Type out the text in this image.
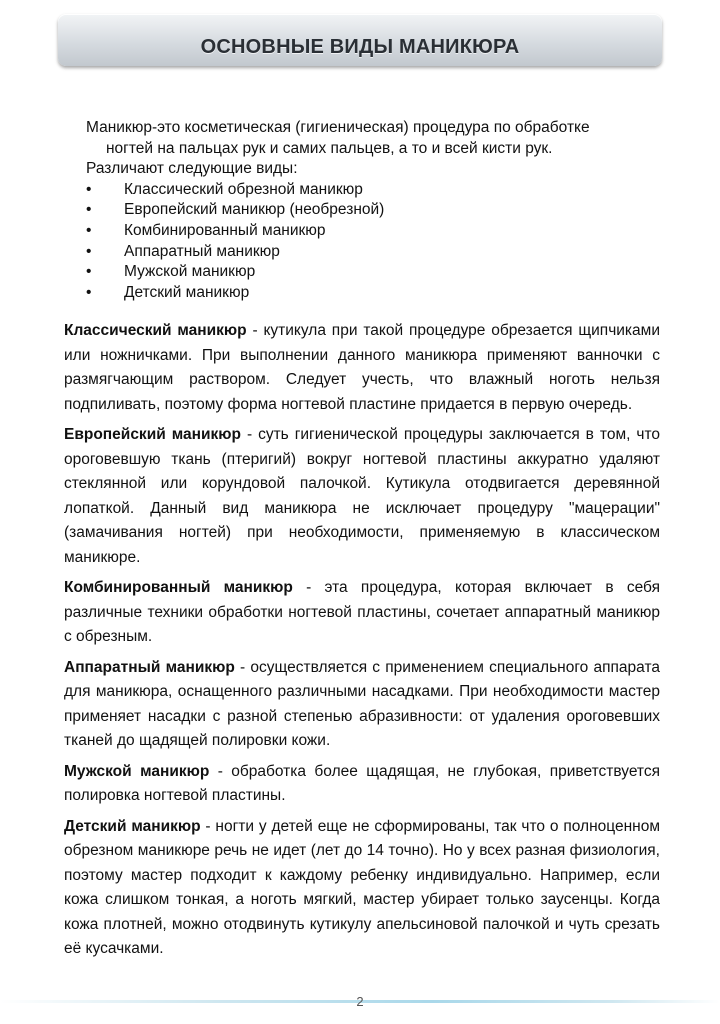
ОСНОВНЫЕ ВИДЫ МАНИКЮРА
Маникюр-это косметическая (гигиеническая) процедура по обработке
ногтей на пальцах рук и самих пальцев, а то и всей кисти рук.
Различают следующие виды:
• Классический обрезной маникюр
• Европейский маникюр (необрезной)
• Комбинированный маникюр
• Аппаратный маникюр
• Мужской маникюр
• Детский маникюр

Классический маникюр - кутикула при такой процедуре обрезается щипчиками или ножничками. При выполнении данного маникюра применяют ванночки с размягчающим раствором. Следует учесть, что влажный ноготь нельзя подпиливать, поэтому форма ногтевой пластине придается в первую очередь.

Европейский маникюр - суть гигиенической процедуры заключается в том, что ороговевшую ткань (птеригий) вокруг ногтевой пластины аккуратно удаляют стеклянной или корундовой палочкой. Кутикула отодвигается деревянной лопаткой. Данный вид маникюра не исключает процедуру "мацерации" (замачивания ногтей) при необходимости, применяемую в классическом маникюре.

Комбинированный маникюр - эта процедура, которая включает в себя различные техники обработки ногтевой пластины, сочетает аппаратный маникюр с обрезным.

Аппаратный маникюр - осуществляется с применением специального аппарата для маникюра, оснащенного различными насадками. При необходимости мастер применяет насадки с разной степенью абразивности: от удаления ороговевших тканей до щадящей полировки кожи.

Мужской маникюр - обработка более щадящая, не глубокая, приветствуется полировка ногтевой пластины.

Детский маникюр - ногти у детей еще не сформированы, так что о полноценном обрезном маникюре речь не идет (лет до 14 точно). Но у всех разная физиология, поэтому мастер подходит к каждому ребенку индивидуально. Например, если кожа слишком тонкая, а ноготь мягкий, мастер убирает только заусенцы. Когда кожа плотней, можно отодвинуть кутикулу апельсиновой палочкой и чуть срезать её кусачками.

2
